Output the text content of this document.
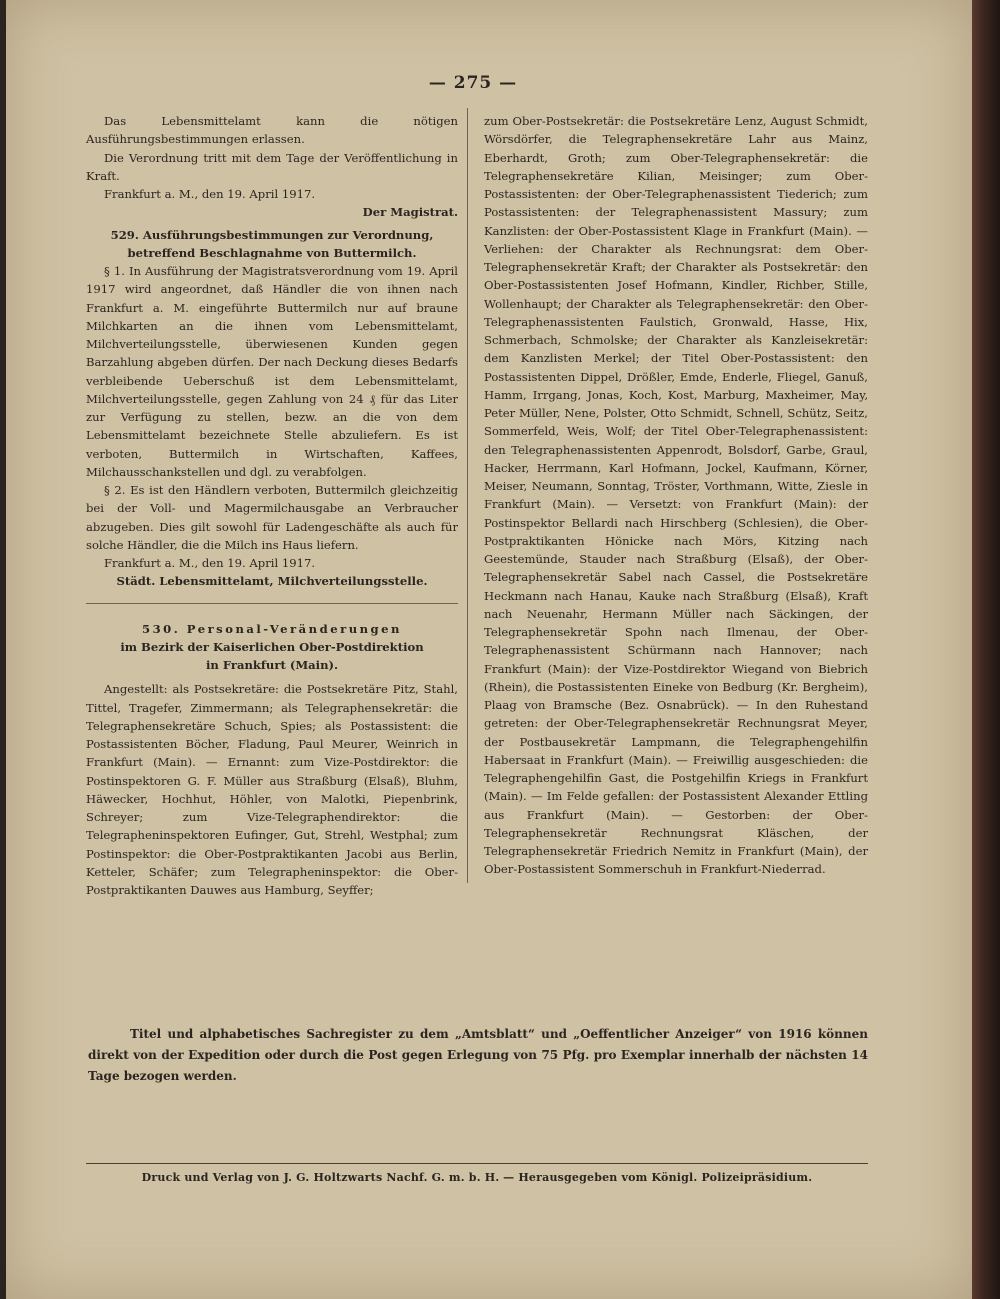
— 275 —

Das Lebensmittelamt kann die nötigen Ausführungsbestimmungen erlassen.

Die Verordnung tritt mit dem Tage der Veröffentlichung in Kraft.

Frankfurt a. M., den 19. April 1917.

Der Magistrat.

529. Ausführungsbestimmungen zur Verordnung,

betreffend Beschlagnahme von Buttermilch.

§ 1. In Ausführung der Magistratsverordnung vom 19. April 1917 wird angeordnet, daß Händler die von ihnen nach Frankfurt a. M. eingeführte Buttermilch nur auf braune Milchkarten an die ihnen vom Lebensmittelamt, Milchverteilungsstelle, überwiesenen Kunden gegen Barzahlung abgeben dürfen. Der nach Deckung dieses Bedarfs verbleibende Ueberschuß ist dem Lebensmittelamt, Milchverteilungsstelle, gegen Zahlung von 24 ₰ für das Liter zur Verfügung zu stellen, bezw. an die von dem Lebensmittelamt bezeichnete Stelle abzuliefern. Es ist verboten, Buttermilch in Wirtschaften, Kaffees, Milchausschankstellen und dgl. zu verabfolgen.

§ 2. Es ist den Händlern verboten, Buttermilch gleichzeitig bei der Voll- und Magermilchausgabe an Verbraucher abzugeben. Dies gilt sowohl für Ladengeschäfte als auch für solche Händler, die die Milch ins Haus liefern.

Frankfurt a. M., den 19. April 1917.

Städt. Lebensmittelamt, Milchverteilungsstelle.

530. Personal-Veränderungen

im Bezirk der Kaiserlichen Ober-Postdirektion

in Frankfurt (Main).

Angestellt: als Postsekretäre: die Postsekretäre Pitz, Stahl, Tittel, Tragefer, Zimmermann; als Telegraphensekretär: die Telegraphensekretäre Schuch, Spies; als Postassistent: die Postassistenten Böcher, Fladung, Paul Meurer, Weinrich in Frankfurt (Main). — Ernannt: zum Vize-Postdirektor: die Postinspektoren G. F. Müller aus Straßburg (Elsaß), Bluhm, Häwecker, Hochhut, Höhler, von Malotki, Piepenbrink, Schreyer; zum Vize-Telegraphendirektor: die Telegrapheninspektoren Eufinger, Gut, Strehl, Westphal; zum Postinspektor: die Ober-Postpraktikanten Jacobi aus Berlin, Ketteler, Schäfer; zum Telegrapheninspektor: die Ober-Postpraktikanten Dauwes aus Hamburg, Seyffer;

zum Ober-Postsekretär: die Postsekretäre Lenz, August Schmidt, Wörsdörfer, die Telegraphensekretäre Lahr aus Mainz, Eberhardt, Groth; zum Ober-Telegraphensekretär: die Telegraphensekretäre Kilian, Meisinger; zum Ober-Postassistenten: der Ober-Telegraphenassistent Tiederich; zum Postassistenten: der Telegraphenassistent Massury; zum Kanzlisten: der Ober-Postassistent Klage in Frankfurt (Main). — Verliehen: der Charakter als Rechnungsrat: dem Ober-Telegraphensekretär Kraft; der Charakter als Postsekretär: den Ober-Postassistenten Josef Hofmann, Kindler, Richber, Stille, Wollenhaupt; der Charakter als Telegraphensekretär: den Ober-Telegraphenassistenten Faulstich, Gronwald, Hasse, Hix, Schmerbach, Schmolske; der Charakter als Kanzleisekretär: dem Kanzlisten Merkel; der Titel Ober-Postassistent: den Postassistenten Dippel, Drößler, Emde, Enderle, Fliegel, Ganuß, Hamm, Irrgang, Jonas, Koch, Kost, Marburg, Maxheimer, May, Peter Müller, Nene, Polster, Otto Schmidt, Schnell, Schütz, Seitz, Sommerfeld, Weis, Wolf; der Titel Ober-Telegraphenassistent: den Telegraphenassistenten Appenrodt, Bolsdorf, Garbe, Graul, Hacker, Herrmann, Karl Hofmann, Jockel, Kaufmann, Körner, Meiser, Neumann, Sonntag, Tröster, Vorthmann, Witte, Ziesle in Frankfurt (Main). — Versetzt: von Frankfurt (Main): der Postinspektor Bellardi nach Hirschberg (Schlesien), die Ober-Postpraktikanten Hönicke nach Mörs, Kitzing nach Geestemünde, Stauder nach Straßburg (Elsaß), der Ober-Telegraphensekretär Sabel nach Cassel, die Postsekretäre Heckmann nach Hanau, Kauke nach Straßburg (Elsaß), Kraft nach Neuenahr, Hermann Müller nach Säckingen, der Telegraphensekretär Spohn nach Ilmenau, der Ober-Telegraphenassistent Schürmann nach Hannover; nach Frankfurt (Main): der Vize-Postdirektor Wiegand von Biebrich (Rhein), die Postassistenten Eineke von Bedburg (Kr. Bergheim), Plaag von Bramsche (Bez. Osnabrück). — In den Ruhestand getreten: der Ober-Telegraphensekretär Rechnungsrat Meyer, der Postbausekretär Lampmann, die Telegraphengehilfin Habersaat in Frankfurt (Main). — Freiwillig ausgeschieden: die Telegraphengehilfin Gast, die Postgehilfin Kriegs in Frankfurt (Main). — Im Felde gefallen: der Postassistent Alexander Ettling aus Frankfurt (Main). — Gestorben: der Ober-Telegraphensekretär Rechnungsrat Kläschen, der Telegraphensekretär Friedrich Nemitz in Frankfurt (Main), der Ober-Postassistent Sommerschuh in Frankfurt-Niederrad.

Titel und alphabetisches Sachregister zu dem „Amtsblatt“ und „Oeffentlicher Anzeiger“ von 1916 können direkt von der Expedition oder durch die Post gegen Erlegung von 75 Pfg. pro Exemplar innerhalb der nächsten 14 Tage bezogen werden.
Druck und Verlag von J. G. Holtzwarts Nachf. G. m. b. H. — Herausgegeben vom Königl. Polizeipräsidium.
